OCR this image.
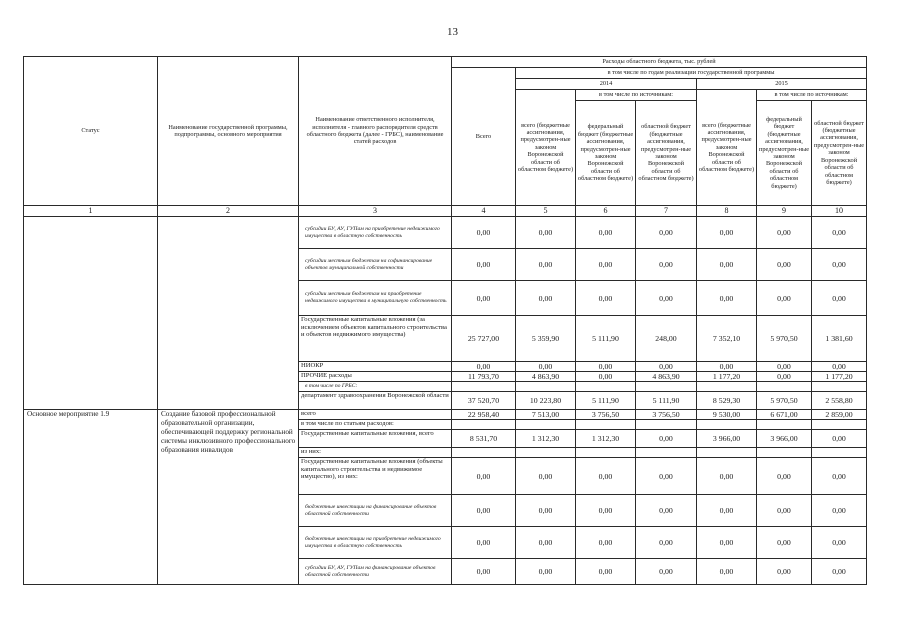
13
Статус	Наименование государственной программы, подпрограммы, основного мероприятия	Наименование ответственного исполнителя, исполнителя - главного распорядителя средств областного бюджета (далее - ГРБС), наименование статей расходов	Расходы областного бюджета, тыс. рублей						
			Всего	в том числе по годам реализации государственной программы					
				2014			2015		
				всего (бюджетные ассигнования, предусмотрен-ные законом Воронежской области об областном бюджете)	в том числе по источникам:		всего (бюджетные ассигнования, предусмотрен-ные законом Воронежской области об областном бюджете)	в том числе по источникам:	
					федеральный бюджет (бюджетные ассигнования, предусмотрен-ные законом Воронежской области об областном бюджете)	областной бюджет (бюджетные ассигнования, предусмотрен-ные законом Воронежской области об областном бюджете)		федеральный бюджет (бюджетные ассигнования, предусмотрен-ные законом Воронежской области об областном бюджете)	областной бюджет (бюджетные ассигнования, предусмотрен-ные законом Воронежской области об областном бюджете)
1	2	3	4	5	6	7	8	9	10
		субсидии БУ, АУ, ГУПам на приобретение недвижимого имущества в областную собственность	0,00	0,00	0,00	0,00	0,00	0,00	0,00
		субсидии местным бюджетам на софинансирование объектов муниципальной собственности	0,00	0,00	0,00	0,00	0,00	0,00	0,00
		субсидии местным бюджетам на приобретение недвижимого имущества в муниципальную собственность	0,00	0,00	0,00	0,00	0,00	0,00	0,00
		Государственные капитальные вложения (за исключением объектов капитального строительства и объектов недвижимого имущества)	25 727,00	5 359,90	5 111,90	248,00	7 352,10	5 970,50	1 381,60
		НИОКР	0,00	0,00	0,00	0,00	0,00	0,00	0,00
		ПРОЧИЕ расходы	11 793,70	4 863,90	0,00	4 863,90	1 177,20	0,00	1 177,20
		в том числе по ГРБС:							
		департамент здравоохранения Воронежской области	37 520,70	10 223,80	5 111,90	5 111,90	8 529,30	5 970,50	2 558,80
Основное мероприятие 1.9	Создание базовой профессиональной образовательной организации, обеспечивающей поддержку региональной системы инклюзивного профессионального образования инвалидов	всего	22 958,40	7 513,00	3 756,50	3 756,50	9 530,00	6 671,00	2 859,00
		в том числе по статьям расходов:							
		Государственные капитальные вложения, всего	8 531,70	1 312,30	1 312,30	0,00	3 966,00	3 966,00	0,00
		из них:							
		Государственные капитальные вложения (объекты капитального строительства и недвижимое имущество), из них:	0,00	0,00	0,00	0,00	0,00	0,00	0,00
		бюджетные инвестиции на финансирование объектов областной собственности	0,00	0,00	0,00	0,00	0,00	0,00	0,00
		бюджетные инвестиции на приобретение недвижимого имущества в областную собственность	0,00	0,00	0,00	0,00	0,00	0,00	0,00
		субсидии БУ, АУ, ГУПам на финансирование объектов областной собственности	0,00	0,00	0,00	0,00	0,00	0,00	0,00
